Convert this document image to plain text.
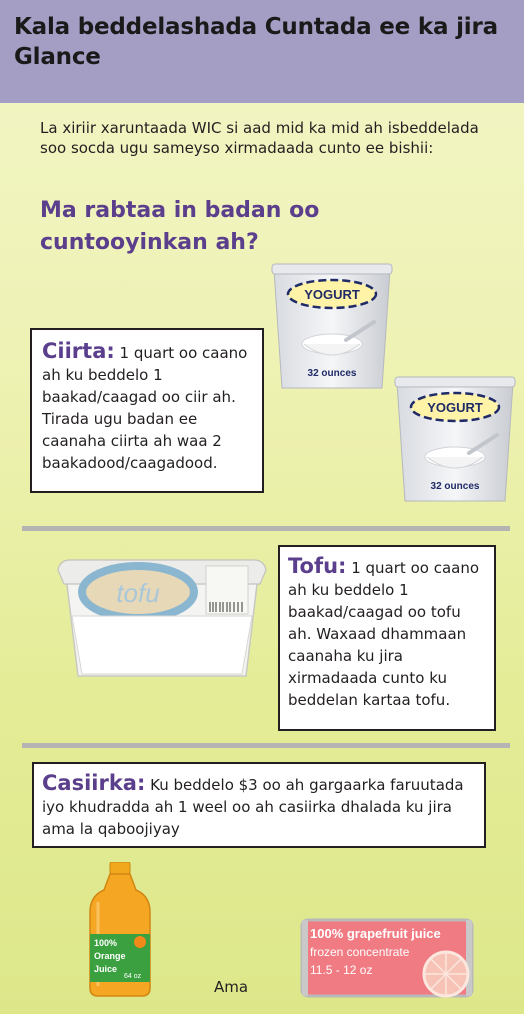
Kala beddelashada Cuntada ee ka jira Glance

La xiriir xaruntaada WIC si aad mid ka mid ah isbeddelada soo socda ugu sameyso xirmadaada cunto ee bishii:

Ma rabtaa in badan oo cuntooyinkan ah?
YOGURT
32 ounces
YOGURT
32 ounces
Ciirta: 1 quart oo caano ah ku beddelo 1 baakad/caagad oo ciir ah. Tirada ugu badan ee caanaha ciirta ah waa 2 baakadood/caagadood.
tofu
Tofu: 1 quart oo caano ah ku beddelo 1 baakad/caagad oo tofu ah. Waxaad dhammaan caanaha ku jira xirmadaada cunto ku beddelan kartaa tofu.
Casiirka: Ku beddelo $3 oo ah gargaarka faruutada iyo khudradda ah 1 weel oo ah casiirka dhalada ku jira ama la qaboojiyay
100%
Orange
Juice
64 oz
Ama
100% grapefruit juice
frozen concentrate
11.5 - 12 oz
